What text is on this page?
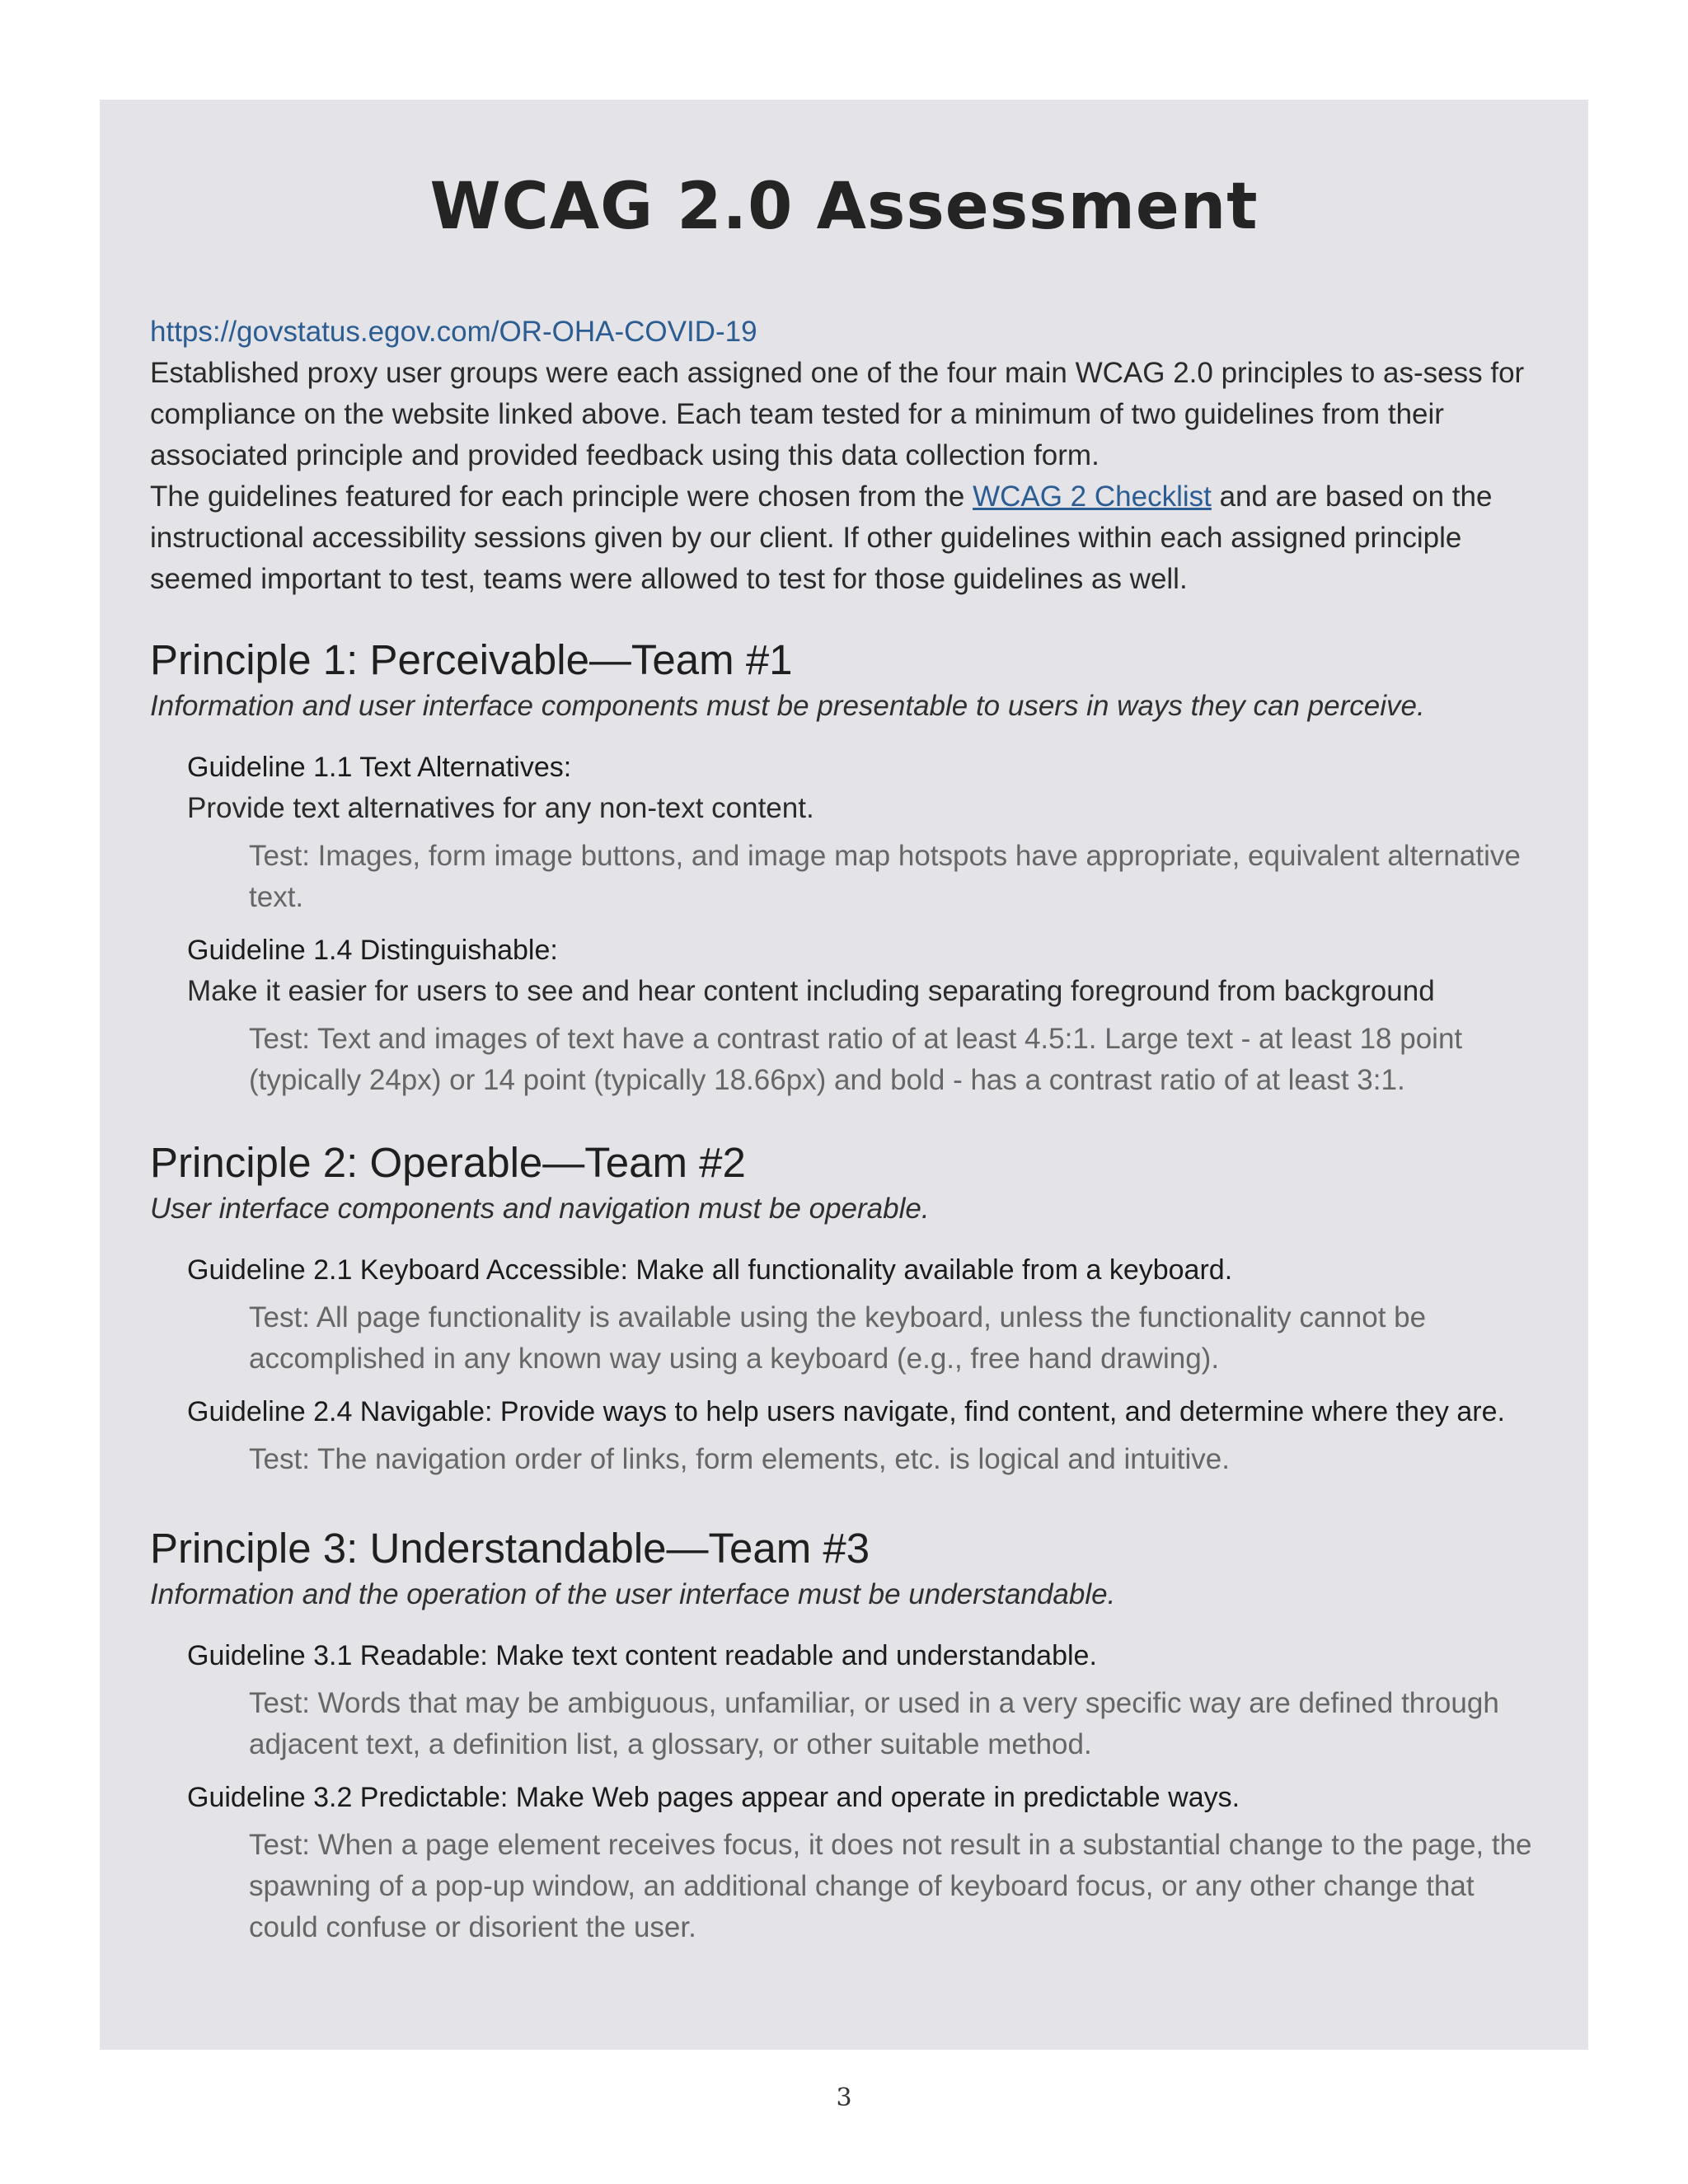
WCAG 2.0 Assessment
https://govstatus.egov.com/OR-OHA-COVID-19
Established proxy user groups were each assigned one of the four main WCAG 2.0 principles to as-sess for compliance on the website linked above. Each team tested for a minimum of two guidelines from their associated principle and provided feedback using this data collection form.
The guidelines featured for each principle were chosen from the WCAG 2 Checklist and are based on the instructional accessibility sessions given by our client. If other guidelines within each assigned principle seemed important to test, teams were allowed to test for those guidelines as well.
Principle 1: Perceivable—Team #1
Information and user interface components must be presentable to users in ways they can perceive.
Guideline 1.1 Text Alternatives:
Provide text alternatives for any non-text content.
Test: Images, form image buttons, and image map hotspots have appropriate, equivalent alternative text.
Guideline 1.4 Distinguishable:
Make it easier for users to see and hear content including separating foreground from background
Test: Text and images of text have a contrast ratio of at least 4.5:1. Large text - at least 18 point (typically 24px) or 14 point (typically 18.66px) and bold - has a contrast ratio of at least 3:1.
Principle 2: Operable—Team #2
User interface components and navigation must be operable.
Guideline 2.1 Keyboard Accessible: Make all functionality available from a keyboard.
Test: All page functionality is available using the keyboard, unless the functionality cannot be accomplished in any known way using a keyboard (e.g., free hand drawing).
Guideline 2.4 Navigable: Provide ways to help users navigate, find content, and determine where they are.
Test: The navigation order of links, form elements, etc. is logical and intuitive.
Principle 3: Understandable—Team #3
Information and the operation of the user interface must be understandable.
Guideline 3.1 Readable: Make text content readable and understandable.
Test: Words that may be ambiguous, unfamiliar, or used in a very specific way are defined through adjacent text, a definition list, a glossary, or other suitable method.
Guideline 3.2 Predictable: Make Web pages appear and operate in predictable ways.
Test: When a page element receives focus, it does not result in a substantial change to the page, the spawning of a pop-up window, an additional change of keyboard focus, or any other change that could confuse or disorient the user.
3
